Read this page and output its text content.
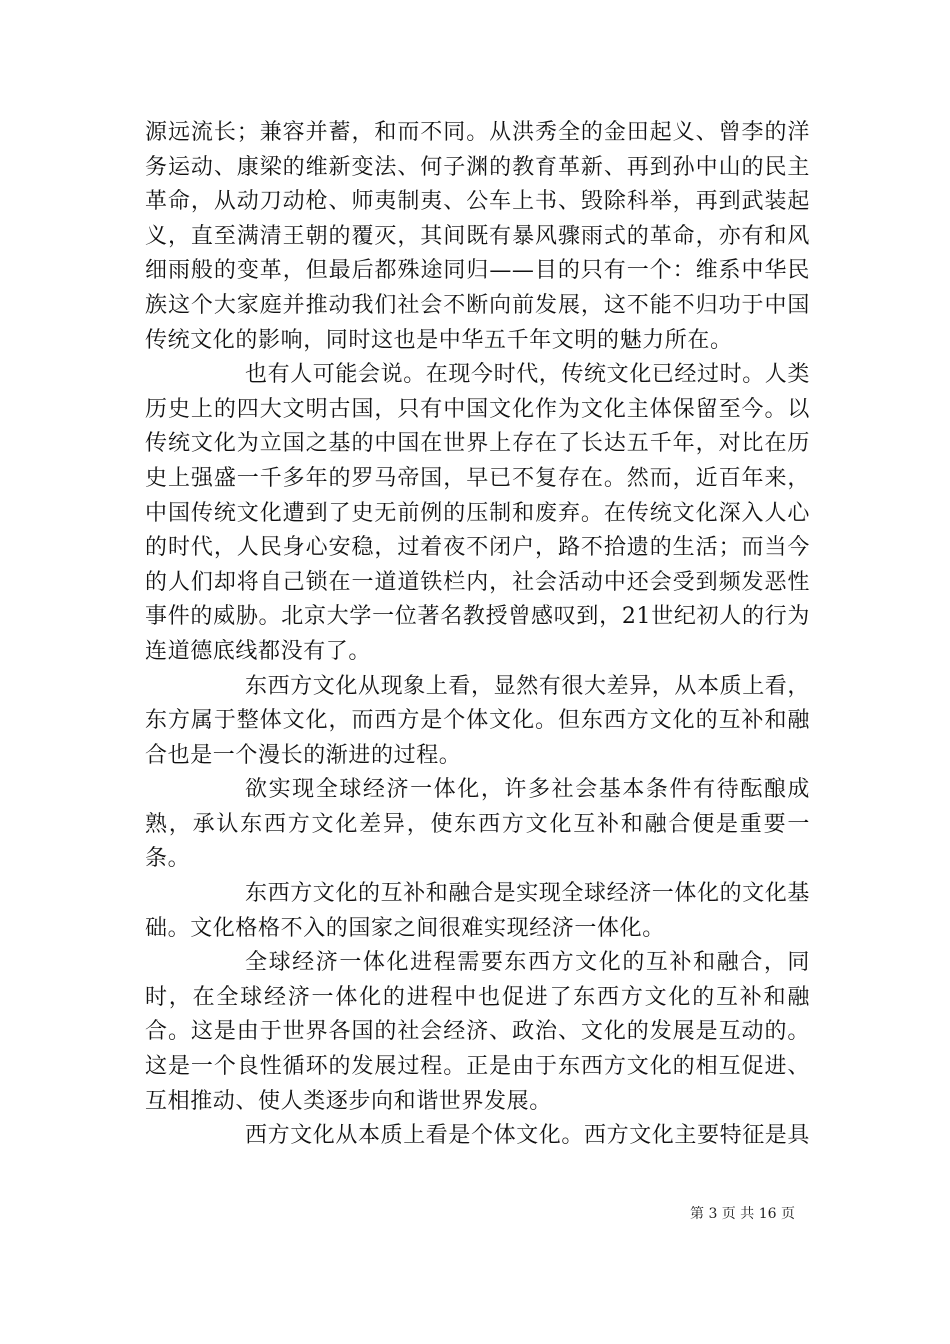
源远流长；兼容并蓄，和而不同。从洪秀全的金田起义、曾李的洋务运动、康梁的维新变法、何子渊的教育革新、再到孙中山的民主革命，从动刀动枪、师夷制夷、公车上书、毁除科举，再到武装起义，直至满清王朝的覆灭，其间既有暴风骤雨式的革命，亦有和风细雨般的变革，但最后都殊途同归——目的只有一个：维系中华民族这个大家庭并推动我们社会不断向前发展，这不能不归功于中国传统文化的影响，同时这也是中华五千年文明的魅力所在。

也有人可能会说。在现今时代，传统文化已经过时。人类历史上的四大文明古国，只有中国文化作为文化主体保留至今。以传统文化为立国之基的中国在世界上存在了长达五千年，对比在历史上强盛一千多年的罗马帝国，早已不复存在。然而，近百年来，中国传统文化遭到了史无前例的压制和废弃。在传统文化深入人心的时代，人民身心安稳，过着夜不闭户，路不拾遗的生活；而当今的人们却将自己锁在一道道铁栏内，社会活动中还会受到频发恶性事件的威胁。北京大学一位著名教授曾感叹到，21世纪初人的行为连道德底线都没有了。

东西方文化从现象上看，显然有很大差异，从本质上看，东方属于整体文化，而西方是个体文化。但东西方文化的互补和融合也是一个漫长的渐进的过程。

欲实现全球经济一体化，许多社会基本条件有待酝酿成熟，承认东西方文化差异，使东西方文化互补和融合便是重要一条。

东西方文化的互补和融合是实现全球经济一体化的文化基础。文化格格不入的国家之间很难实现经济一体化。

全球经济一体化进程需要东西方文化的互补和融合，同时，在全球经济一体化的进程中也促进了东西方文化的互补和融合。这是由于世界各国的社会经济、政治、文化的发展是互动的。这是一个良性循环的发展过程。正是由于东西方文化的相互促进、互相推动、使人类逐步向和谐世界发展。

西方文化从本质上看是个体文化。西方文化主要特征是具

第 3 页 共 16 页
